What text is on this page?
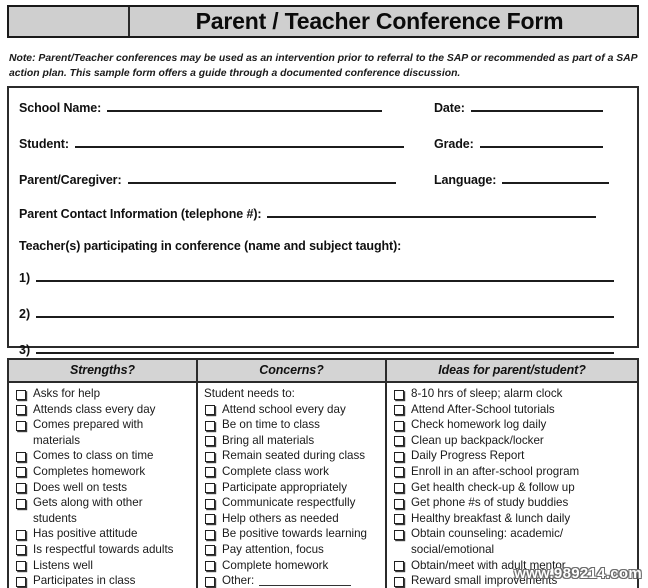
Parent / Teacher Conference Form
Note: Parent/Teacher conferences may be used as an intervention prior to referral to the SAP or recommended as part of a SAP action plan. This sample form offers a guide through a documented conference discussion.
School Name:	Date:
Student:	Grade:
Parent/Caregiver:	Language:
Parent Contact Information (telephone #):
Teacher(s) participating in conference (name and subject taught):
1)
2)
3)
Strengths?
Asks for help
Attends class every day
Comes prepared with
materials
Comes to class on time
Completes homework
Does well on tests
Gets along with other
students
Has positive attitude
Is respectful towards adults
Listens well
Participates in class
Concerns?
Student needs to:
Attend school every day
Be on time to class
Bring all materials
Remain seated during class
Complete class work
Participate appropriately
Communicate respectfully
Help others as needed
Be positive towards learning
Pay attention, focus
Complete homework
Other:
Ideas for parent/student?
8-10 hrs of sleep; alarm clock
Attend After-School tutorials
Check homework log daily
Clean up backpack/locker
Daily Progress Report
Enroll in an after-school program
Get health check-up & follow up
Get phone #s of study buddies
Healthy breakfast & lunch daily
Obtain counseling: academic/
social/emotional
Obtain/meet with adult mentor
Reward small improvements
www.989214.com
